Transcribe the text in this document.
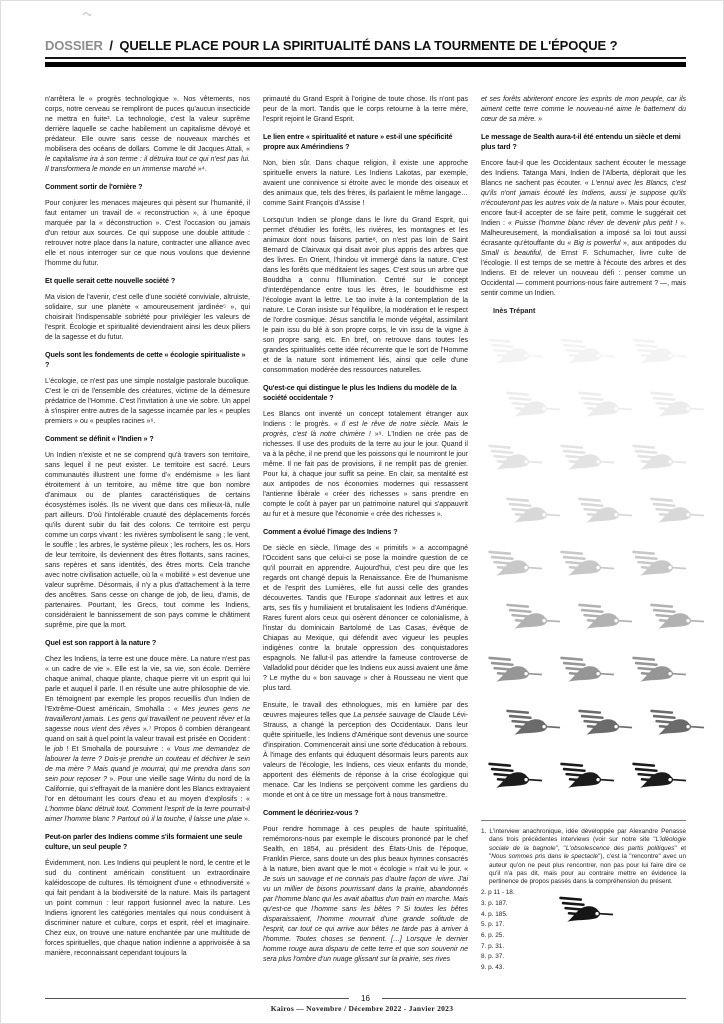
DOSSIER / QUELLE PLACE POUR LA SPIRITUALITÉ DANS LA TOURMENTE DE L'ÉPOQUE ?

n'arrêtera le « progrès technologique ». Nos vêtements, nos corps, notre cerveau se rempliront de puces qu'aucun insecticide ne mettra en fuite³. La technologie, c'est la valeur suprême derrière laquelle se cache habilement un capitalisme dévoyé et prédateur. Elle ouvre sans cesse de nouveaux marchés et mobilisera des océans de dollars. Comme le dit Jacques Attali, « le capitalisme ira à son terme : il détruira tout ce qui n'est pas lui. Il transformera le monde en un immense marché »⁴.

Comment sortir de l'ornière ?

Pour conjurer les menaces majeures qui pèsent sur l'humanité, il faut entamer un travail de « reconstruction », à une époque marquée par la « déconstruction ». C'est l'occasion ou jamais d'un retour aux sources. Ce qui suppose une double attitude : retrouver notre place dans la nature, contracter une alliance avec elle et nous interroger sur ce que nous voulons que devienne l'homme du futur.

Et quelle serait cette nouvelle société ?

Ma vision de l'avenir, c'est celle d'une société conviviale, altruiste, solidaire, sur une planète « amoureusement jardinée⁵ », qui choisirait l'indispensable sobriété pour privilégier les valeurs de l'esprit. Écologie et spiritualité deviendraient ainsi les deux piliers de la sagesse et du futur.

Quels sont les fondements de cette « écologie spiritualiste » ?

L'écologie, ce n'est pas une simple nostalgie pastorale bucolique. C'est le cri de l'ensemble des créatures, victime de la démesure prédatrice de l'Homme. C'est l'invitation à une vie sobre. Un appel à s'inspirer entre autres de la sagesse incarnée par les « peuples premiers » ou « peuples racines »⁶.

Comment se définit « l'Indien » ?

Un Indien n'existe et ne se comprend qu'à travers son territoire, sans lequel il ne peut exister. Le territoire est sacré. Leurs communautés illustrent une forme d'« endémisme » les liant étroitement à un territoire, au même titre que bon nombre d'animaux ou de plantes caractéristiques de certains écosystèmes isolés. Ils ne vivent que dans ces milieux-là, nulle part ailleurs. D'où l'intolérable cruauté des déplacements forcés qu'ils durent subir du fait des colons. Ce territoire est perçu comme un corps vivant : les rivières symbolisent le sang ; le vent, le souffle ; les arbres, le système pileux ; les rochers, les os. Hors de leur territoire, ils deviennent des êtres flottants, sans racines, sans repères et sans identités, des êtres morts. Cela tranche avec notre civilisation actuelle, où la « mobilité » est devenue une valeur suprême. Désormais, il n'y a plus d'attachement à la terre des ancêtres. Sans cesse on change de job, de lieu, d'amis, de partenaires. Pourtant, les Grecs, tout comme les Indiens, considéraient le bannissement de son pays comme le châtiment suprême, pire que la mort.

Quel est son rapport à la nature ?

Chez les Indiens, la terre est une douce mère. La nature n'est pas « un cadre de vie ». Elle est la vie, sa vie, son école. Derrière chaque animal, chaque plante, chaque pierre vit un esprit qui lui parle et auquel il parle. Il en résulte une autre philosophie de vie. En témoignent par exemple les propos recueillis d'un Indien de l'Extrême-Ouest américain, Smohalla : « Mes jeunes gens ne travailleront jamais. Les gens qui travaillent ne peuvent rêver et la sagesse nous vient des rêves ».⁷ Propos ô combien dérangeant quand on sait à quel point la valeur travail est prisée en Occident : le job ! Et Smohalla de poursuivre : « Vous me demandez de labourer la terre ? Dois-je prendre un couteau et déchirer le sein de ma mère ? Mais quand je mourrai, qui me prendra dans son sein pour reposer ? ». Pour une vieille sage Wintu du nord de la Californie, qui s'effrayait de la manière dont les Blancs extrayaient l'or en détournant les cours d'eau et au moyen d'explosifs : « L'homme blanc détruit tout. Comment l'esprit de la terre pourrait-il aimer l'homme blanc ? Partout où il la touche, il laisse une plaie ».

Peut-on parler des Indiens comme s'ils formaient une seule culture, un seul peuple ?

Évidemment, non. Les Indiens qui peuplent le nord, le centre et le sud du continent américain constituent un extraordinaire kaléidoscope de cultures. Ils témoignent d'une « ethnodiversité » qui fait pendant à la biodiversité de la nature. Mais ils partagent un point commun : leur rapport fusionnel avec la nature. Les Indiens ignorent les catégories mentales qui nous conduisent à discriminer nature et culture, corps et esprit, réel et imaginaire. Chez eux, on trouve une nature enchantée par une multitude de forces spirituelles, que chaque nation indienne a apprivoisée à sa manière, reconnaissant cependant toujours la

primauté du Grand Esprit à l'origine de toute chose. Ils n'ont pas peur de la mort. Tandis que le corps retourne à la terre mère, l'esprit rejoint le Grand Esprit.

Le lien entre « spiritualité et nature » est-il une spécificité propre aux Amérindiens ?

Non, bien sûr. Dans chaque religion, il existe une approche spirituelle envers la nature. Les Indiens Lakotas, par exemple, avaient une connivence si étroite avec le monde des oiseaux et des animaux que, tels des frères, ils parlaient le même langage… comme Saint François d'Assise !

Lorsqu'un Indien se plonge dans le livre du Grand Esprit, qui permet d'étudier les forêts, les rivières, les montagnes et les animaux dont nous faisons partie⁸, on n'est pas loin de Saint Bernard de Clairvaux qui disait avoir plus appris des arbres que des livres. En Orient, l'hindou vit immergé dans la nature. C'est dans les forêts que méditaient les sages. C'est sous un arbre que Bouddha a connu l'Illumination. Centré sur le concept d'interdépendance entre tous les êtres, le bouddhisme est l'écologie avant la lettre. Le tao invite à la contemplation de la nature. Le Coran insiste sur l'équilibre, la modération et le respect de l'ordre cosmique. Jésus sanctifia le monde végétal, assimilant le pain issu du blé à son propre corps, le vin issu de la vigne à son propre sang, etc. En bref, on retrouve dans toutes les grandes spiritualités cette idée récurrente que le sort de l'Homme et de la nature sont intimement liés, ainsi que celle d'une consommation modérée des ressources naturelles.

Qu'est-ce qui distingue le plus les Indiens du modèle de la société occidentale ?

Les Blancs ont inventé un concept totalement étranger aux Indiens : le progrès. « Il est le rêve de notre siècle. Mais le progrès, c'est là notre chimère ! »⁹. L'Indien ne crée pas de richesses. Il use des produits de la terre au jour le jour. Quand il va à la pêche, il ne prend que les poissons qui le nourriront le jour même. Il ne fait pas de provisions, il ne remplit pas de grenier. Pour lui, à chaque jour suffit sa peine. En clair, sa mentalité est aux antipodes de nos économies modernes qui ressassent l'antienne libérale « créer des richesses » sans prendre en compte le coût à payer par un patrimoine naturel qui s'appauvrit au fur et à mesure que l'économie « crée des richesses ».

Comment a évolué l'image des Indiens ?

De siècle en siècle, l'image des « primitifs » a accompagné l'Occident sans que celui-ci se pose la moindre question de ce qu'il pourrait en apprendre. Aujourd'hui, c'est peu dire que les regards ont changé depuis la Renaissance. Ère de l'humanisme et de l'esprit des Lumières, elle fut aussi celle des grandes découvertes. Tandis que l'Europe s'adonnait aux lettres et aux arts, ses fils y humiliaient et brutalisaient les Indiens d'Amérique. Rares furent alors ceux qui osèrent dénoncer ce colonialisme, à l'instar du dominicain Bartolomé de Las Casas, évêque de Chiapas au Mexique, qui défendit avec vigueur les peuples indigènes contre la brutale oppression des conquistadores espagnols. Ne fallut-il pas attendre la fameuse controverse de Valladolid pour décider que les Indiens eux aussi avaient une âme ? Le mythe du « bon sauvage » cher à Rousseau ne vient que plus tard.

Ensuite, le travail des ethnologues, mis en lumière par des œuvres majeures telles que La pensée sauvage de Claude Lévi-Strauss, a changé la perception des Occidentaux. Dans leur quête spirituelle, les Indiens d'Amérique sont devenus une source d'inspiration. Commencerait ainsi une sorte d'éducation à rebours. À l'image des enfants qui éduquent désormais leurs parents aux valeurs de l'écologie, les Indiens, ces vieux enfants du monde, apportent des éléments de réponse à la crise écologique qui menace. Car les Indiens se perçoivent comme les gardiens du monde et ont à ce titre un message fort à nous transmettre.

Comment le décririez-vous ?

Pour rendre hommage à ces peuples de haute spiritualité, remémorons-nous par exemple le discours prononcé par le chef Sealth, en 1854, au président des États-Unis de l'époque, Franklin Pierce, sans doute un des plus beaux hymnes consacrés à la nature, bien avant que le mot « écologie » n'ait vu le jour. « Je suis un sauvage et ne connais pas d'autre façon de vivre. J'ai vu un millier de bisons pourrissant dans la prairie, abandonnés par l'homme blanc qui les avait abattus d'un train en marche. Mais qu'est-ce que l'homme sans les bêtes ? Si toutes les bêtes disparaissaient, l'homme mourrait d'une grande solitude de l'esprit, car tout ce qui arrive aux bêtes ne tarde pas à arriver à l'homme. Toutes choses se tiennent. […] Lorsque le dernier homme rouge aura disparu de cette terre et que son souvenir ne sera plus l'ombre d'un nuage glissant sur la prairie, ses rives

et ses forêts abriteront encore les esprits de mon peuple, car ils aiment cette terre comme le nouveau-né aime le battement du cœur de sa mère. »

Le message de Sealth aura-t-il été entendu un siècle et demi plus tard ?

Encore faut-il que les Occidentaux sachent écouter le message des Indiens. Tatanga Mani, Indien de l'Alberta, déplorait que les Blancs ne sachent pas écouter. « L'ennui avec les Blancs, c'est qu'ils n'ont jamais écouté les Indiens, aussi je suppose qu'ils n'écouteront pas les autres voix de la nature ». Mais pour écouter, encore faut-il accepter de se faire petit, comme le suggérait cet Indien : « Puisse l'homme blanc rêver de devenir plus petit ! ». Malheureusement, la mondialisation a imposé sa loi tout aussi écrasante qu'étouffante du « Big is powerful », aux antipodes du Small is beautiful, de Ernst F. Schumacher, livre culte de l'écologie. Il est temps de se mettre à l'écoute des arbres et des Indiens. Et de relever un nouveau défi : penser comme un Occidental — comment pourrions-nous faire autrement ? —, mais sentir comme un Indien.

Inès Trépant
1. L'interview anachronique, idée développée par Alexandre Penasse dans trois précédentes interviews (voir sur notre site "L'idéologie sociale de la bagnole", "L'obsolescence des partis politiques" et "Nous sommes pris dans le spectacle"), c'est la "rencontre" avec un auteur qu'on ne peut plus rencontrer, non pas pour lui faire dire ce qu'il n'a pas dit, mais pour au contraire mettre en évidence la pertinence de propos passés dans la compréhension du présent.
2. p 11 - 18.
3. p. 187.
4. p. 185.
5. p. 17.
6. p. 25.
7. p. 31.
8. p. 37.
9. p. 43.
16
Kairos — Novembre / Décembre 2022 - Janvier 2023
